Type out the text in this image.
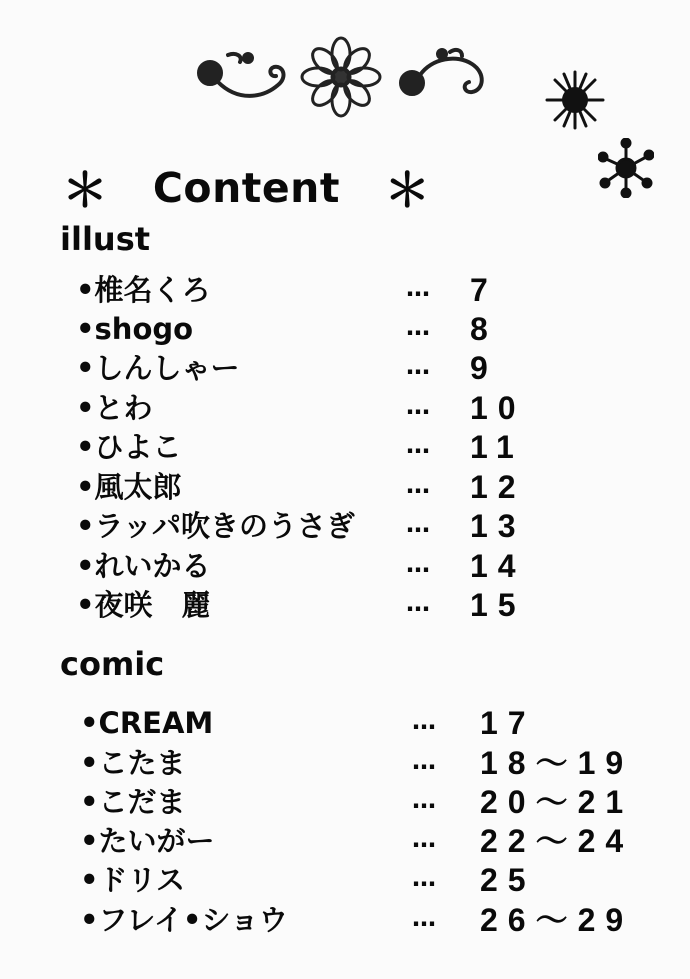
＊ Content ＊
illust
•椎名くろ	… 7
•shogo	… 8
•しんしゃー	… 9
•とわ	… 10
•ひよこ	… 11
•風太郎	… 12
•ラッパ吹きのうさぎ … 13
•れいかる	… 14
•夜咲　麗	… 15
comic
•CREAM	… 17
•こたま	… 18〜19
•こだま	… 20〜21
•たいがー	… 22〜24
•ドリス	… 25
•フレイ•ショウ	… 26〜29
